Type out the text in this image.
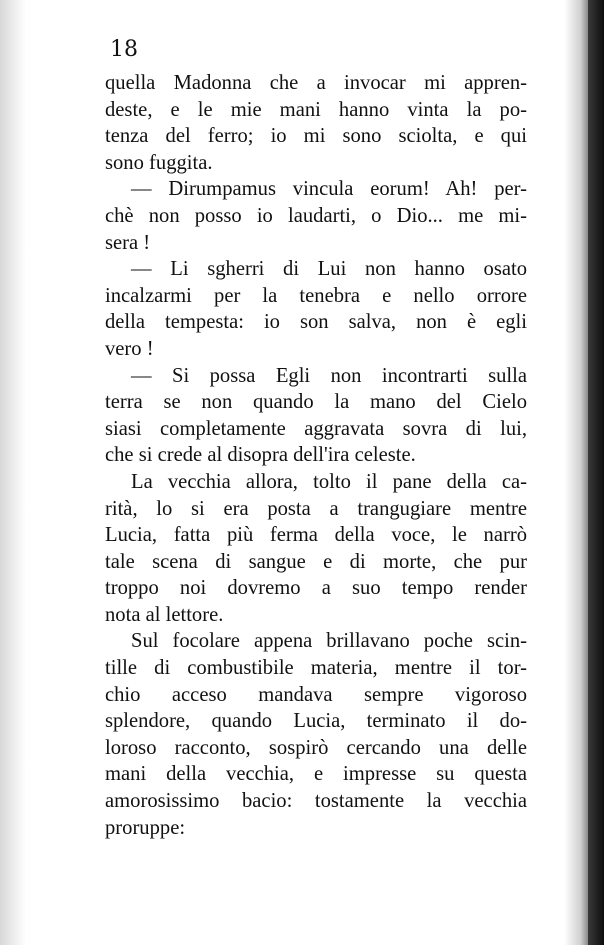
18

quella Madonna che a invocar mi appren-
deste, e le mie mani hanno vinta la po-
tenza del ferro; io mi sono sciolta, e qui
sono fuggita.
— Dirumpamus vincula eorum! Ah! per-
chè non posso io laudarti, o Dio... me mi-
sera !
— Li sgherri di Lui non hanno osato
incalzarmi per la tenebra e nello orrore
della tempesta: io son salva, non è egli
vero !
— Si possa Egli non incontrarti sulla
terra se non quando la mano del Cielo
siasi completamente aggravata sovra di lui,
che si crede al disopra dell'ira celeste.
La vecchia allora, tolto il pane della ca-
rità, lo si era posta a trangugiare mentre
Lucia, fatta più ferma della voce, le narrò
tale scena di sangue e di morte, che pur
troppo noi dovremo a suo tempo render
nota al lettore.
Sul focolare appena brillavano poche scin-
tille di combustibile materia, mentre il tor-
chio acceso mandava sempre vigoroso
splendore, quando Lucia, terminato il do-
loroso racconto, sospirò cercando una delle
mani della vecchia, e impresse su questa
amorosissimo bacio: tostamente la vecchia
proruppe:
